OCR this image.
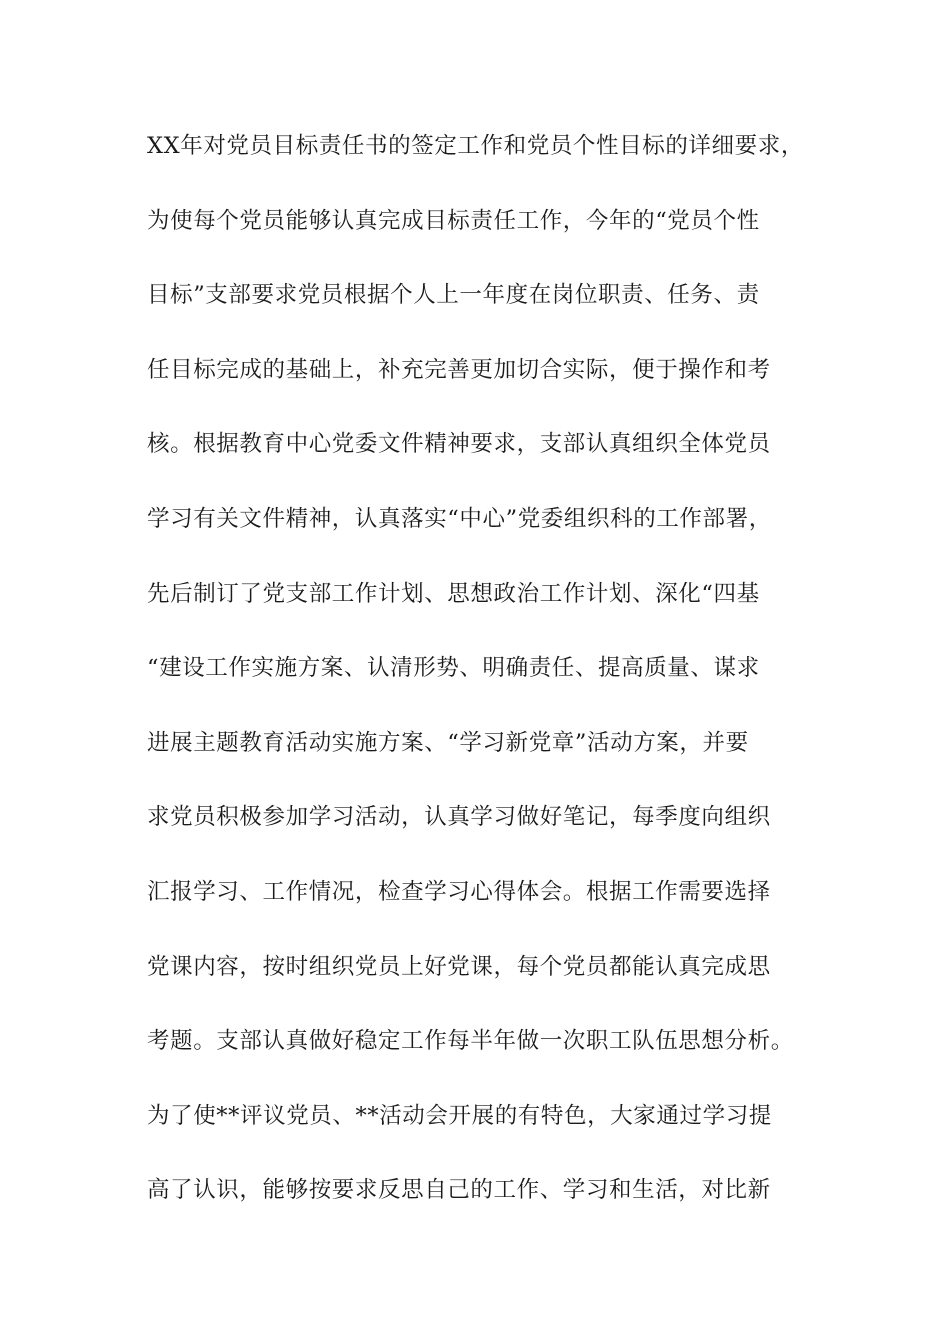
XX年对党员目标责任书的签定工作和党员个性目标的详细要求，
为使每个党员能够认真完成目标责任工作，今年的“党员个性
目标”支部要求党员根据个人上一年度在岗位职责、任务、责
任目标完成的基础上，补充完善更加切合实际，便于操作和考
核。根据教育中心党委文件精神要求，支部认真组织全体党员
学习有关文件精神，认真落实“中心”党委组织科的工作部署，
先后制订了党支部工作计划、思想政治工作计划、深化“四基
“建设工作实施方案、认清形势、明确责任、提高质量、谋求
进展主题教育活动实施方案、“学习新党章”活动方案，并要
求党员积极参加学习活动，认真学习做好笔记，每季度向组织
汇报学习、工作情况，检查学习心得体会。根据工作需要选择
党课内容，按时组织党员上好党课，每个党员都能认真完成思
考题。支部认真做好稳定工作每半年做一次职工队伍思想分析。
为了使**评议党员、**活动会开展的有特色，大家通过学习提
高了认识，能够按要求反思自己的工作、学习和生活，对比新
